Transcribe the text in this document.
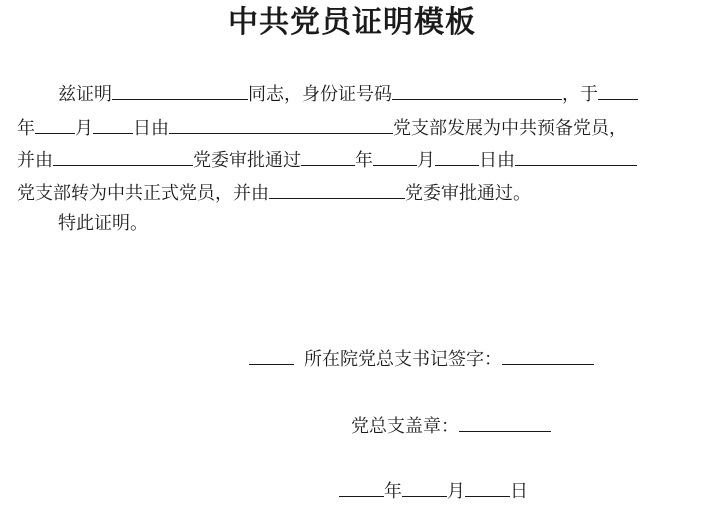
中共党员证明模板
兹证明	同志，身份证号码	，于
年 月 日由	党支部发展为中共预备党员，
并由	党委审批通过	年 月 日由
党支部转为中共正式党员，并由	党委审批通过。
特此证明。
所在院党总支书记签字：
党总支盖章：
年	月	日
